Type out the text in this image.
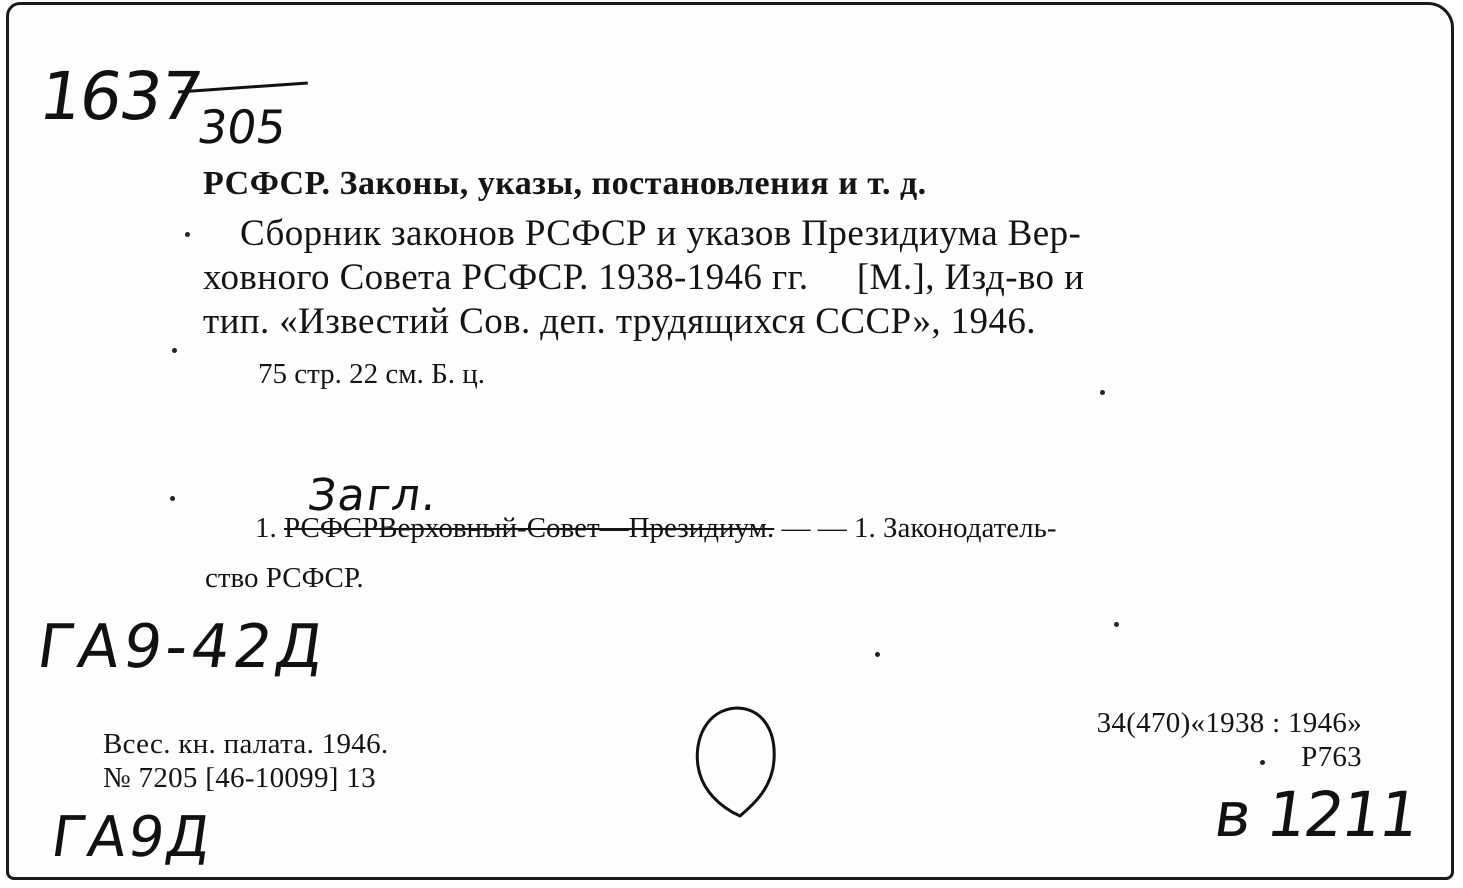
1637
305
РСФСР. Законы, указы, постановления и т. д.
Сборник законов РСФСР и указов Президиума Вер-
ховного Совета РСФСР. 1938-1946 гг.     [М.], Изд-во и
тип. «Известий Сов. деп. трудящихся СССР», 1946.
75 стр. 22 см. Б. ц.
Загл.
1. РСФСРВерховный-Совет—Президиум. — — 1. Законодатель-
ство РСФСР.
ГА9-42Д
Всес. кн. палата. 1946.
№ 7205 [46-10099] 13
34(470)«1938 : 1946»
Р763
в 1211
ГА9Д
